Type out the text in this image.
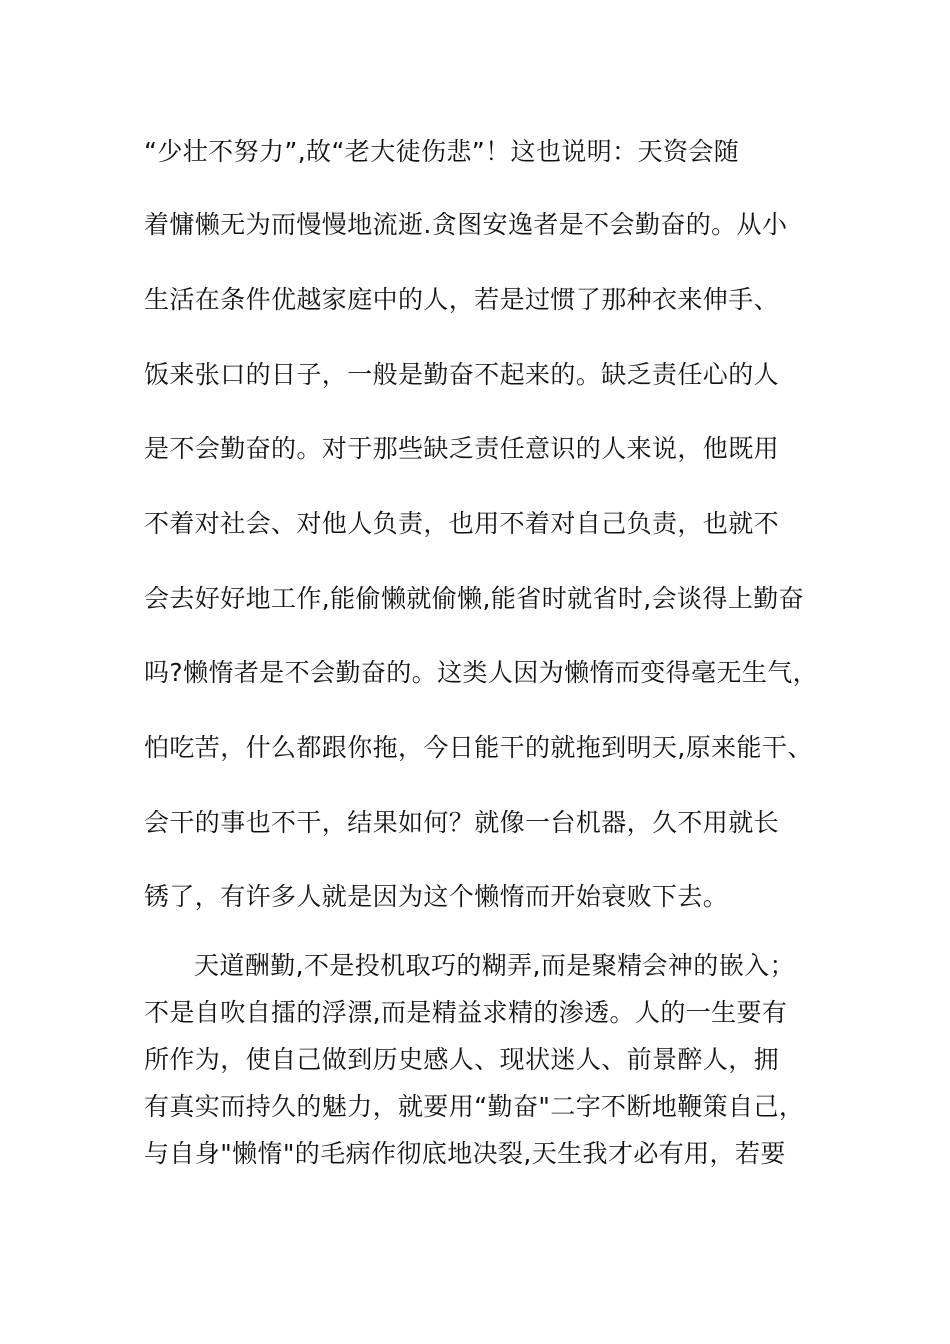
“少壮不努力”,故“老大徒伤悲”！这也说明：天资会随
着慵懒无为而慢慢地流逝.贪图安逸者是不会勤奋的。从小
生活在条件优越家庭中的人，若是过惯了那种衣来伸手、
饭来张口的日子，一般是勤奋不起来的。缺乏责任心的人
是不会勤奋的。对于那些缺乏责任意识的人来说，他既用
不着对社会、对他人负责，也用不着对自己负责，也就不
会去好好地工作,能偷懒就偷懒,能省时就省时,会谈得上勤奋
吗?懒惰者是不会勤奋的。这类人因为懒惰而变得毫无生气，
怕吃苦，什么都跟你拖，今日能干的就拖到明天,原来能干、
会干的事也不干，结果如何？就像一台机器，久不用就长
锈了，有许多人就是因为这个懒惰而开始衰败下去。
天道酬勤,不是投机取巧的糊弄,而是聚精会神的嵌入；
不是自吹自擂的浮漂,而是精益求精的渗透。人的一生要有
所作为，使自己做到历史感人、现状迷人、前景醉人，拥
有真实而持久的魅力，就要用“勤奋"二字不断地鞭策自己，
与自身"懒惰"的毛病作彻底地决裂,天生我才必有用，若要
